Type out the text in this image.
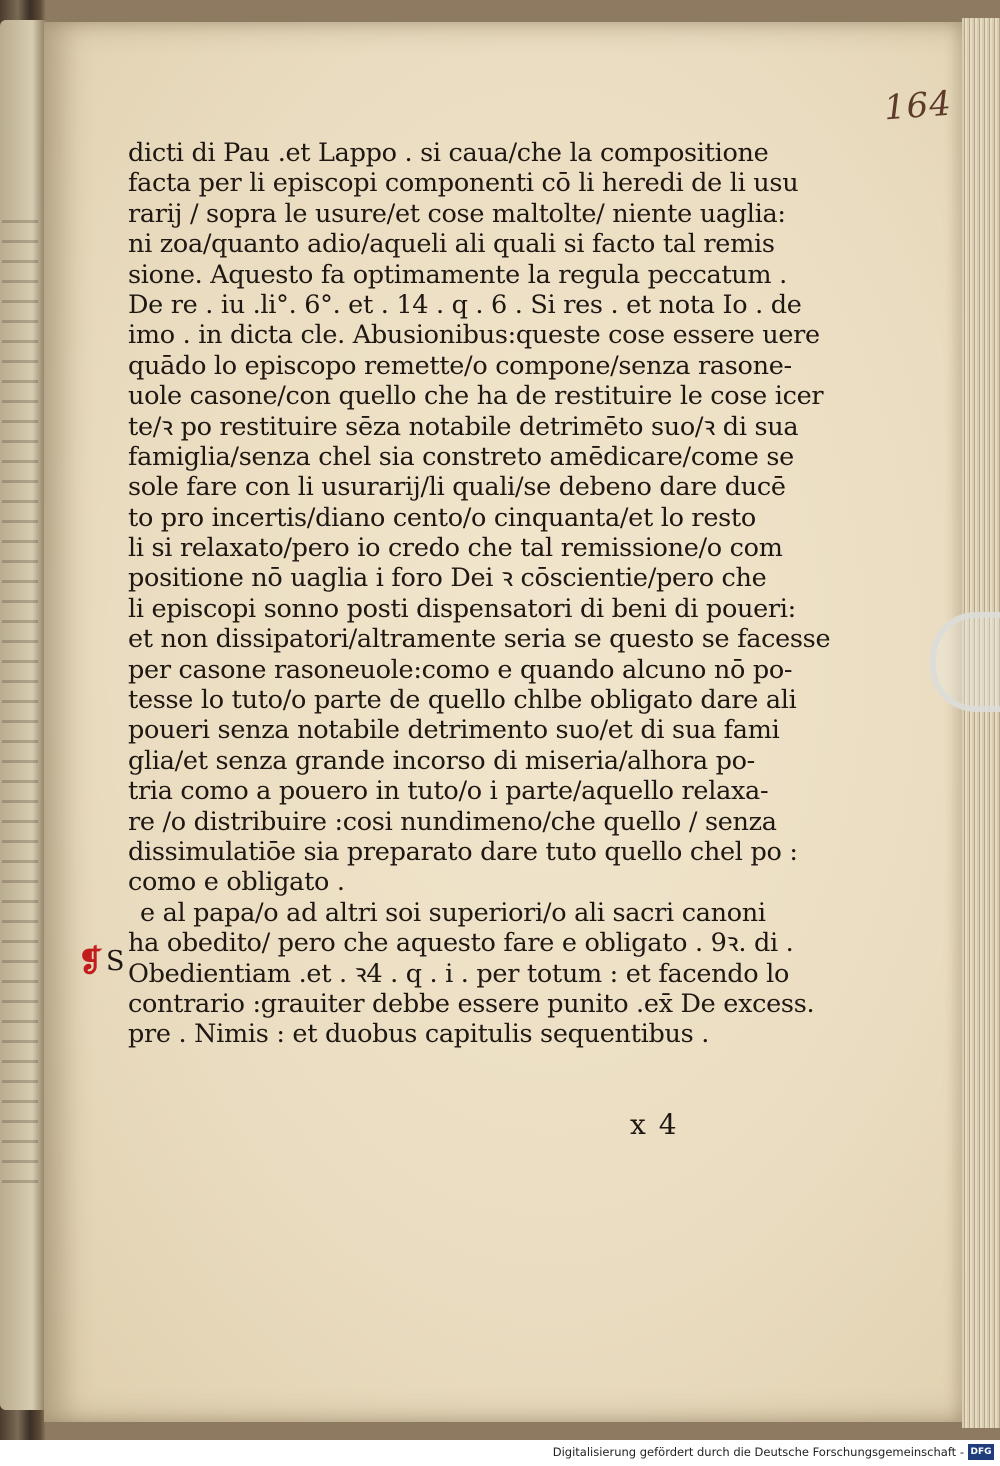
164
dicti di Pau .et Lappo . si caua/che la compositione
facta per li episcopi componenti cō li heredi de li usu
rarij / sopra le usure/et cose maltolte/ niente uaglia:
ni zoa/quanto adio/aqueli ali quali si facto tal remis
sione. Aquesto fa optimamente la regula peccatum .
De re . iu .li°. 6°. et . 14 . q . 6 . Si res . et nota Io . de
imo . in dicta cle. Abusionibus:queste cose essere uere
quādo lo episcopo remette/o compone/senza rasone-
uole casone/con quello che ha de restituire le cose icer
te/ꝛ po restituire sēza notabile detrimēto suo/ꝛ di sua
famiglia/senza chel sia constreto amēdicare/come se
sole fare con li usurarij/li quali/se debeno dare ducē
to pro incertis/diano cento/o cinquanta/et lo resto
li si relaxato/pero io credo che tal remissione/o com
positione nō uaglia i foro Dei ꝛ cōscientie/pero che
li episcopi sonno posti dispensatori di beni di poueri:
et non dissipatori/altramente seria se questo se facesse
per casone rasoneuole:como e quando alcuno nō po-
tesse lo tuto/o parte de quello chlbe obligato dare ali
poueri senza notabile detrimento suo/et di sua fami
glia/et senza grande incorso di miseria/alhora po-
tria como a pouero in tuto/o i parte/aquello relaxa-
re /o distribuire :cosi nundimeno/che quello / senza
dissimulatiōe sia preparato dare tuto quello chel po :
como e obligato .
e al papa/o ad altri soi superiori/o ali sacri canoni
ha obedito/ pero che aquesto fare e obligato . 9ꝛ. di .
Obedientiam .et . ꝛ4 . q . i . per totum : et facendo lo
contrario :grauiter debbe essere punito .ex̄ De excess.
pre . Nimis : et duobus capitulis sequentibus .
❡ S
x 4
Digitalisierung gefördert durch die Deutsche Forschungsgemeinschaft - DFG
